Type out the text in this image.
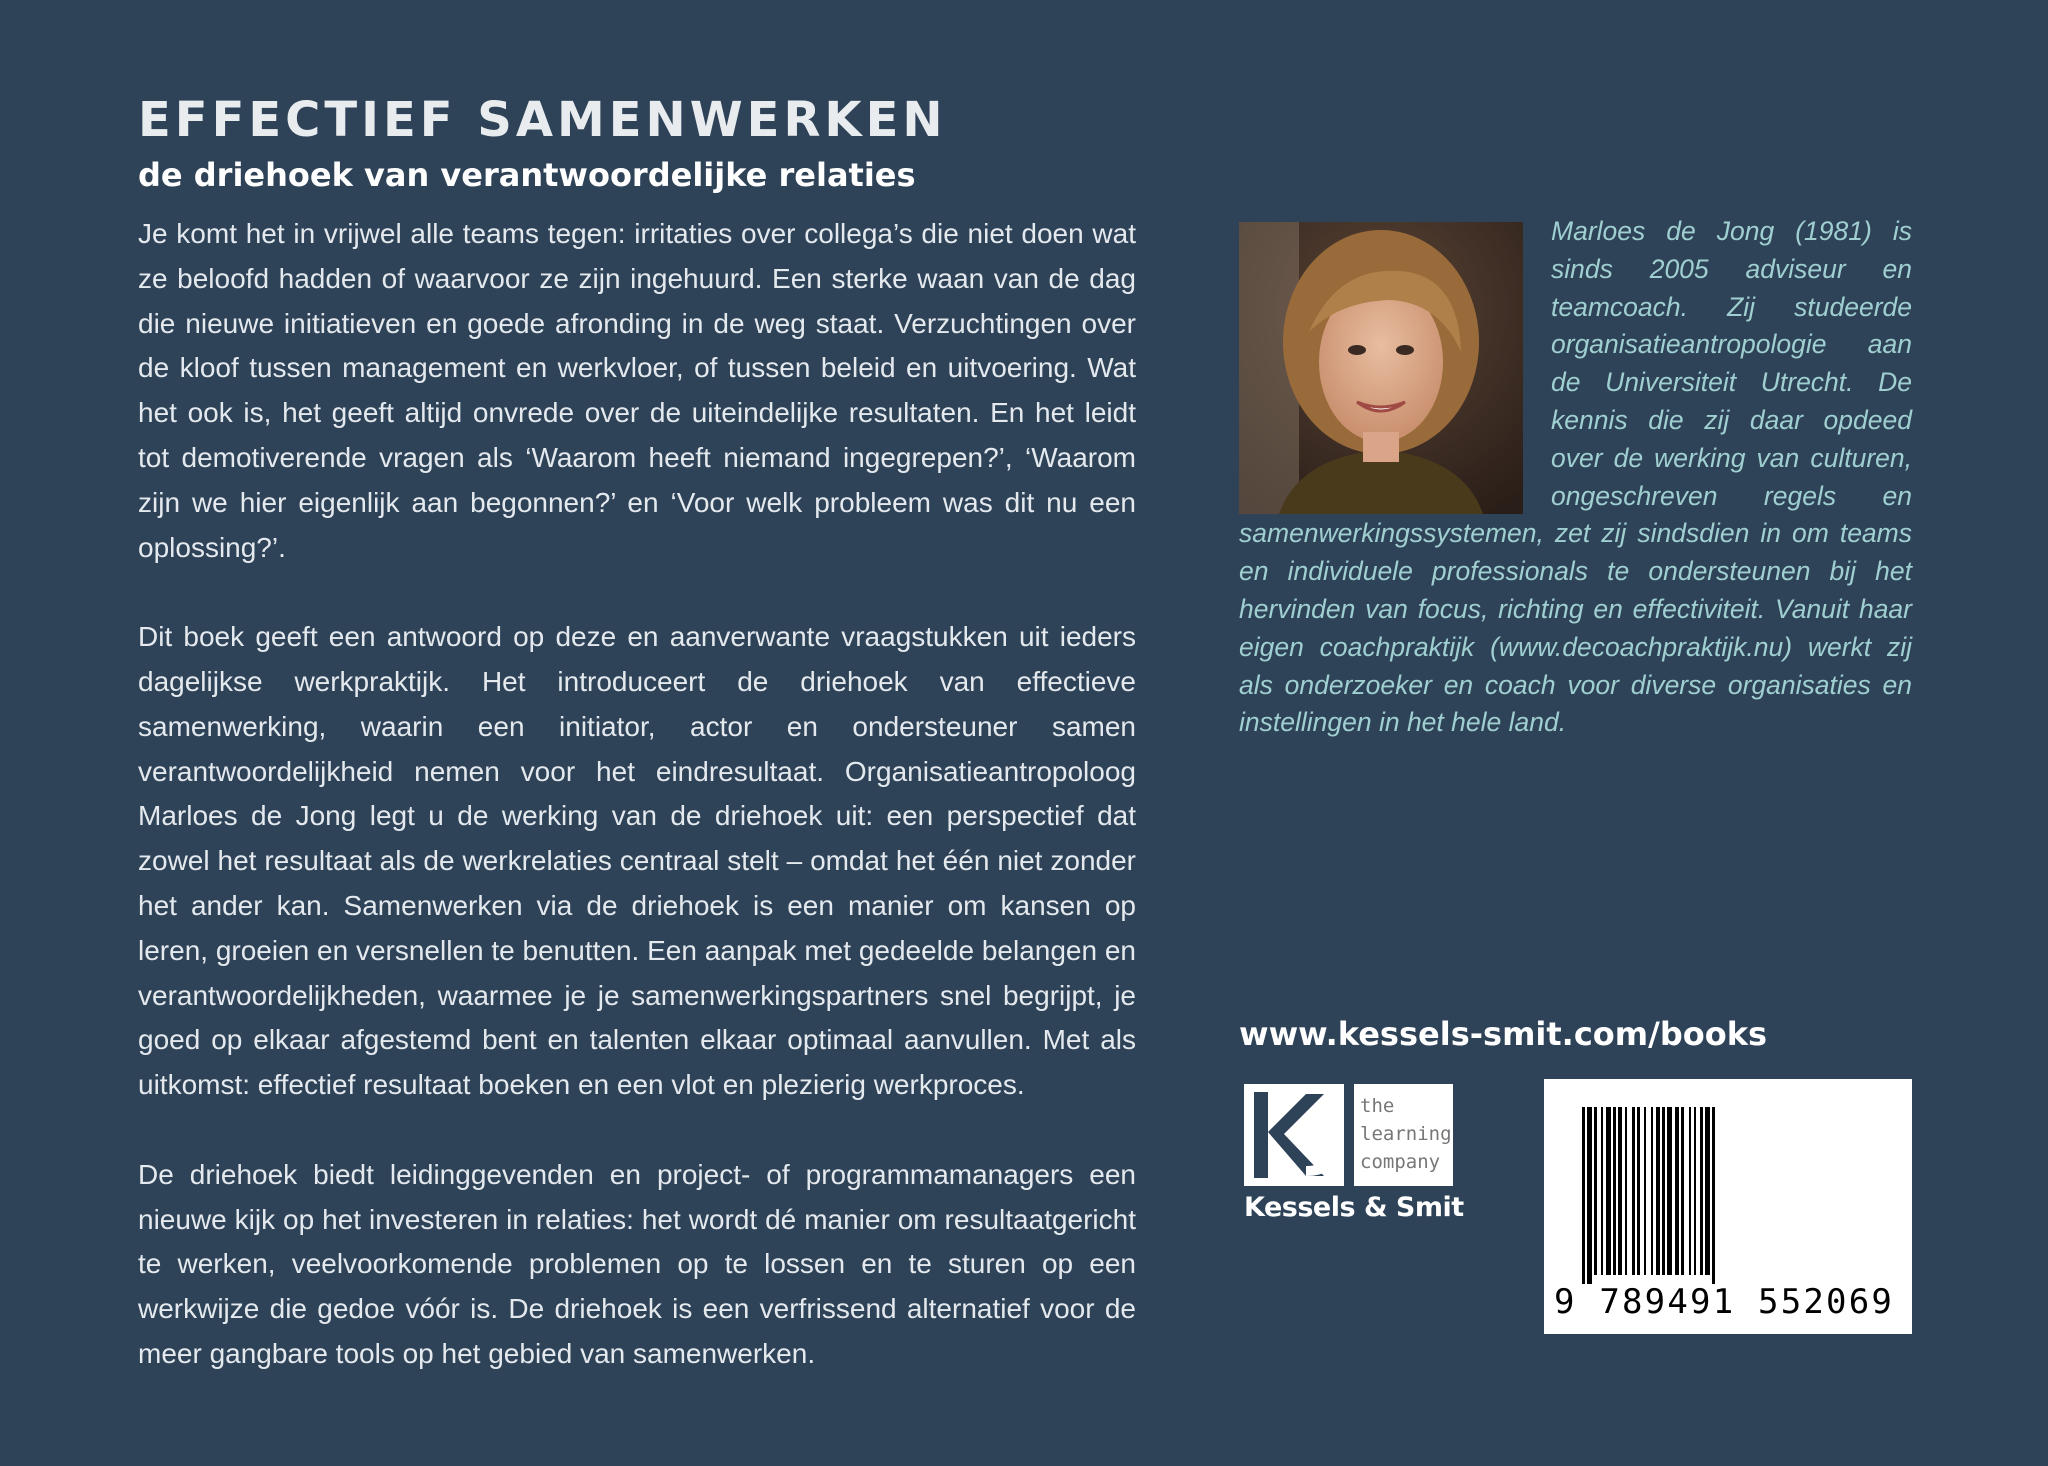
EFFECTIEF SAMENWERKEN
de driehoek van verantwoordelijke relaties

Je komt het in vrijwel alle teams tegen: irritaties over collega’s die niet doen wat ze beloofd hadden of waarvoor ze zijn ingehuurd. Een sterke waan van de dag die nieuwe initiatieven en goede afronding in de weg staat. Verzuchtingen over de kloof tussen management en werkvloer, of tussen beleid en uitvoering. Wat het ook is, het geeft altijd onvrede over de uiteindelijke resultaten. En het leidt tot demotiverende vragen als ‘Waarom heeft niemand ingegrepen?’, ‘Waarom zijn we hier eigenlijk aan begonnen?’ en ‘Voor welk probleem was dit nu een oplossing?’.

Dit boek geeft een antwoord op deze en aanverwante vraagstukken uit ieders dagelijkse werkpraktijk. Het introduceert de driehoek van effectieve samenwerking, waarin een initiator, actor en ondersteuner samen verantwoordelijkheid nemen voor het eindresultaat. Organisatieantropoloog Marloes de Jong legt u de werking van de driehoek uit: een perspectief dat zowel het resultaat als de werkrelaties centraal stelt – omdat het één niet zonder het ander kan. Samenwerken via de driehoek is een manier om kansen op leren, groeien en versnellen te benutten. Een aanpak met gedeelde belangen en verantwoordelijkheden, waarmee je je samenwerkingspartners snel begrijpt, je goed op elkaar afgestemd bent en talenten elkaar optimaal aanvullen. Met als uitkomst: effectief resultaat boeken en een vlot en plezierig werkproces.

De driehoek biedt leidinggevenden en project- of programmamanagers een nieuwe kijk op het investeren in relaties: het wordt dé manier om resultaatgericht te werken, veelvoorkomende problemen op te lossen en te sturen op een werkwijze die gedoe vóór is. De driehoek is een verfrissend alternatief voor de meer gangbare tools op het gebied van samenwerken.

Marloes de Jong (1981) is sinds 2005 adviseur en teamcoach. Zij studeerde organisatieantropologie aan de Universiteit Utrecht. De kennis die zij daar opdeed over de werking van culturen, ongeschreven regels en samenwerkingssystemen, zet zij sindsdien in om teams en individuele professionals te ondersteunen bij het hervinden van focus, richting en effectiviteit. Vanuit haar eigen coachpraktijk (www.decoachpraktijk.nu) werkt zij als onderzoeker en coach voor diverse organisaties en instellingen in het hele land.

www.kessels-smit.com/books

the
learning
company
Kessels & Smit
9 789491 552069
